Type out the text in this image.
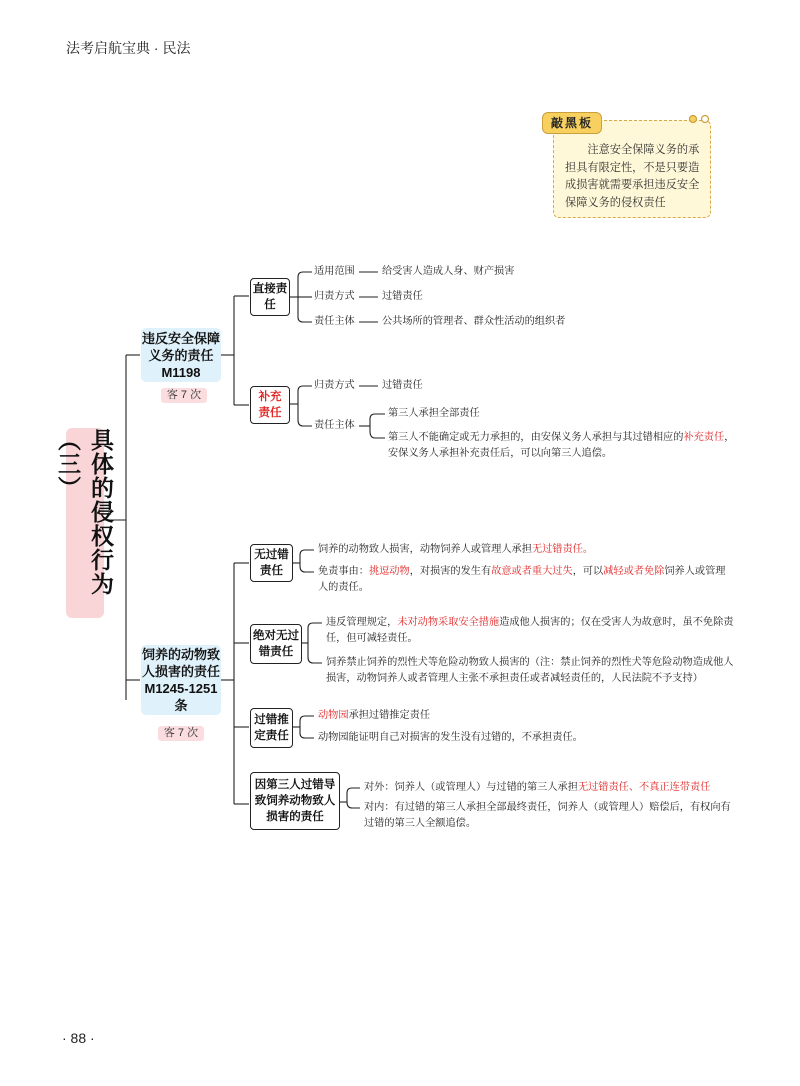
法考启航宝典 · 民法
敲黑板
注意安全保障义务的承担具有限定性，不是只要造成损害就需要承担违反安全保障义务的侵权责任
具体的侵权行为（三）
违反安全保障义务的责任 M1198
客 7 次
直接责任
适用范围	给受害人造成人身、财产损害
归责方式	过错责任
责任主体	公共场所的管理者、群众性活动的组织者
补充
责任
归责方式	过错责任
责任主体
第三人承担全部责任
第三人不能确定或无力承担的，由安保义务人承担与其过错相应的补充责任，
安保义务人承担补充责任后，可以向第三人追偿。
饲养的动物致人损害的责任 M1245-1251 条
客 7 次
无过错责任
饲养的动物致人损害，动物饲养人或管理人承担无过错责任。
免责事由：挑逗动物，对损害的发生有故意或者重大过失，可以减轻或者免除饲养人或管理
人的责任。
绝对无过错责任
违反管理规定，未对动物采取安全措施造成他人损害的；仅在受害人为故意时，虽不免除责
任，但可减轻责任。
饲养禁止饲养的烈性犬等危险动物致人损害的（注：禁止饲养的烈性犬等危险动物造成他人
损害，动物饲养人或者管理人主张不承担责任或者减轻责任的，人民法院不予支持）
过错推定责任
动物园承担过错推定责任
动物园能证明自己对损害的发生没有过错的，不承担责任。
因第三人过错导致饲养动物致人损害的责任
对外：饲养人（或管理人）与过错的第三人承担无过错责任、不真正连带责任
对内：有过错的第三人承担全部最终责任，饲养人（或管理人）赔偿后，有权向有
过错的第三人全额追偿。
· 88 ·
